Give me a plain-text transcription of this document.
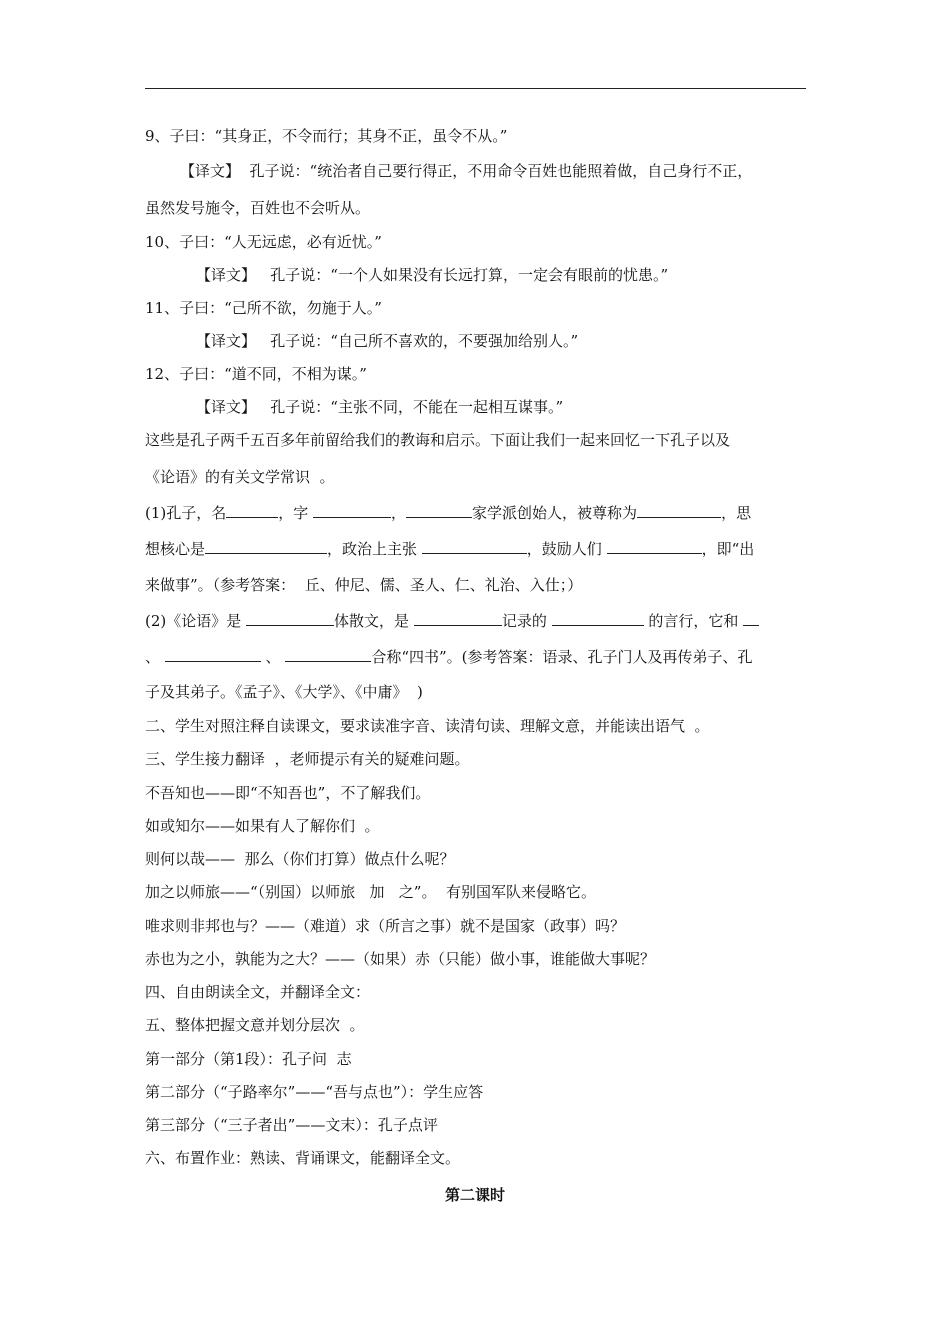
9、子曰：“其身正，不令而行；其身不正，虽令不从。”
【译文】  孔子说：“统治者自己要行得正，不用命令百姓也能照着做，自己身行不正，
虽然发号施令，百姓也不会听从。
10、子曰：“人无远虑，必有近忧。”
【译文】   孔子说：“一个人如果没有长远打算，一定会有眼前的忧患。”
11、子曰：“己所不欲，勿施于人。”
【译文】   孔子说：“自己所不喜欢的，不要强加给别人。”
12、子曰：“道不同，不相为谋。”
【译文】   孔子说：“主张不同，不能在一起相互谋事。”
这些是孔子两千五百多年前留给我们的教诲和启示。下面让我们一起来回忆一下孔子以及
《论语》的有关文学常识  。
(1)孔子，名	，字	，	家学派创始人，被尊称为	，思
想核心是	，政治上主张	，鼓励人们	，即“出
来做事”。（参考答案：  丘、仲尼、儒、圣人、仁、礼治、入仕；）
(2)《论语》是	体散文，是	记录的	的言行，它和
、	、	合称“四书”。(参考答案：语录、孔子门人及再传弟子、孔
子及其弟子。《孟子》、《大学》、《中庸》  )
二、学生对照注释自读课文，要求读准字音、读清句读、理解文意，并能读出语气  。
三、学生接力翻译  ，老师提示有关的疑难问题。
不吾知也——即“不知吾也”，不了解我们。
如或知尔——如果有人了解你们  。
则何以哉——  那么（你们打算）做点什么呢？
加之以师旅——“（别国）以师旅   加   之”。  有别国军队来侵略它。
唯求则非邦也与？——（难道）求（所言之事）就不是国家（政事）吗？
赤也为之小，孰能为之大？——（如果）赤（只能）做小事，谁能做大事呢？
四、自由朗读全文，并翻译全文：
五、整体把握文意并划分层次  。
第一部分（第1段）：孔子问  志
第二部分（“子路率尔”——“吾与点也”）：学生应答
第三部分（“三子者出”——文末）：孔子点评
六、布置作业：熟读、背诵课文，能翻译全文。
第二课时
